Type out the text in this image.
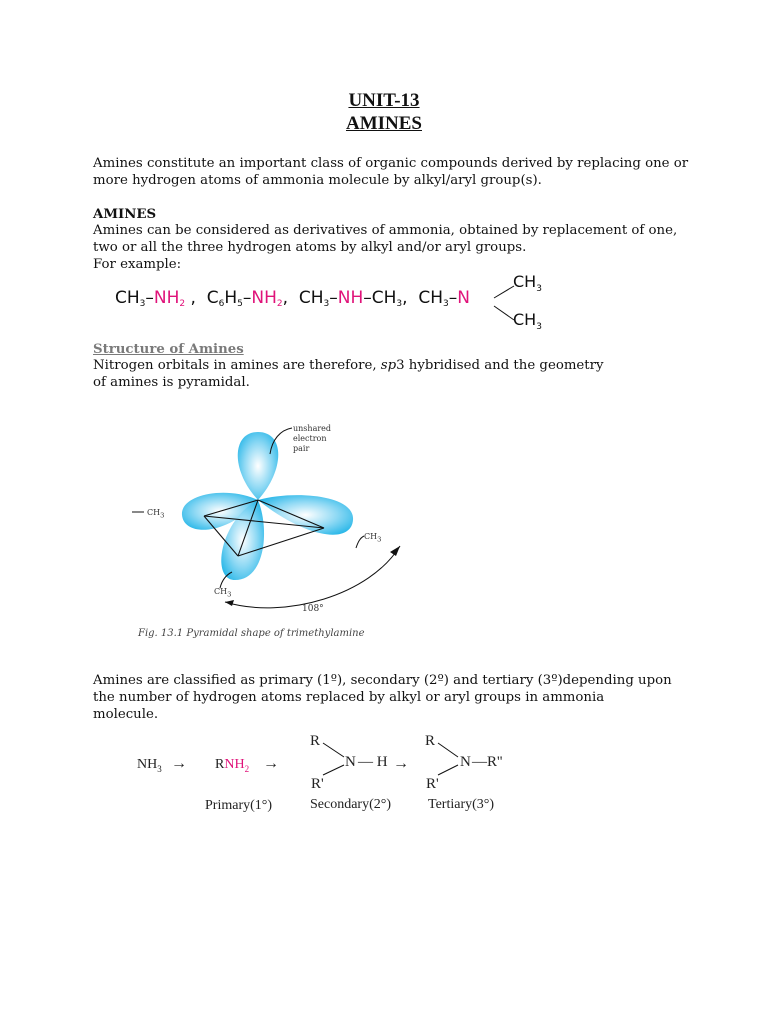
UNIT-13
AMINES
Amines constitute an important class of organic compounds derived by replacing one or more hydrogen atoms of ammonia molecule by alkyl/aryl group(s).
AMINES
Amines can be considered as derivatives of ammonia, obtained by replacement of one, two or all the three hydrogen atoms by alkyl and/or aryl groups.
For example:
$CH_3-NH_2$ ,  $C_6H_5-NH_2$,  $CH_3-NH-CH_3$,  $CH_3-N$
$CH_3$
$CH_3$
Structure of Amines
Nitrogen orbitals in amines are therefore, sp3 hybridised and the geometry
of amines is pyramidal.
unshared
electron
pair
$CH_3$
$CH_3$
$CH_3$
108°
Fig. 13.1 Pyramidal shape of trimethylamine
Amines are classified as primary (1º), secondary (2º) and tertiary (3º)depending upon the number of hydrogen atoms replaced by alkyl or aryl groups in ammonia molecule.
$NH_3 \to RNH_2$ →
R
R'
N — H →
R
R'
N —R''
Primary(1°)	Secondary(2°)	Tertiary(3°)
